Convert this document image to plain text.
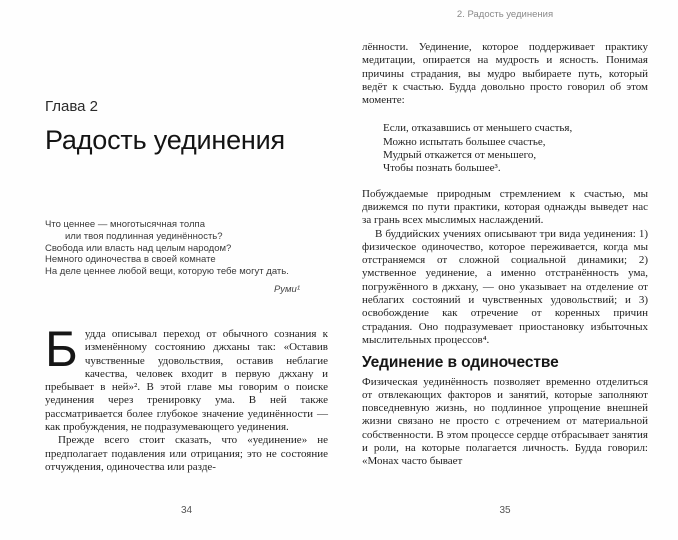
Глава 2
Радость уединения
Что ценнее — многотысячная толпа
или твоя подлинная уединённость?
Свобода или власть над целым народом?
Немного одиночества в своей комнате
На деле ценнее любой вещи, которую тебе могут дать.
Руми¹

Будда описывал переход от обычного сознания к изменённому состоянию джханы так: «Оставив чувственные удовольствия, оставив неблагие качества, человек входит в первую джхану и пребывает в ней»². В этой главе мы говорим о поиске уединения через тренировку ума. В ней также рассматривается более глубокое значение уединённости — как пробуждения, не подразумевающего уединения.

Прежде всего стоит сказать, что «уединение» не предполагает подавления или отрицания; это не состояние отчуждения, одиночества или разде-

34
2. Радость уединения

лённости. Уединение, которое поддерживает практику медитации, опирается на мудрость и ясность. Понимая причины страдания, вы мудро выбираете путь, который ведёт к счастью. Будда довольно просто говорил об этом моменте:

Если, отказавшись от меньшего счастья,
Можно испытать большее счастье,
Мудрый откажется от меньшего,
Чтобы познать большее³.

Побуждаемые природным стремлением к счастью, мы движемся по пути практики, которая однажды выведет нас за грань всех мыслимых наслаждений.

В буддийских учениях описывают три вида уединения: 1) физическое одиночество, которое переживается, когда мы отстраняемся от сложной социальной динамики; 2) умственное уединение, а именно отстранённость ума, погружённого в джхану, — оно указывает на отделение от неблагих состояний и чувственных удовольствий; и 3) освобождение как отречение от коренных причин страдания. Оно подразумевает приостановку избыточных мыслительных процессов⁴.

Уединение в одиночестве

Физическая уединённость позволяет временно отделиться от отвлекающих факторов и занятий, которые заполняют повседневную жизнь, но подлинное упрощение внешней жизни связано не просто с отречением от материальной собственности. В этом процессе сердце отбрасывает занятия и роли, на которые полагается личность. Будда говорил: «Монах часто бывает

35
